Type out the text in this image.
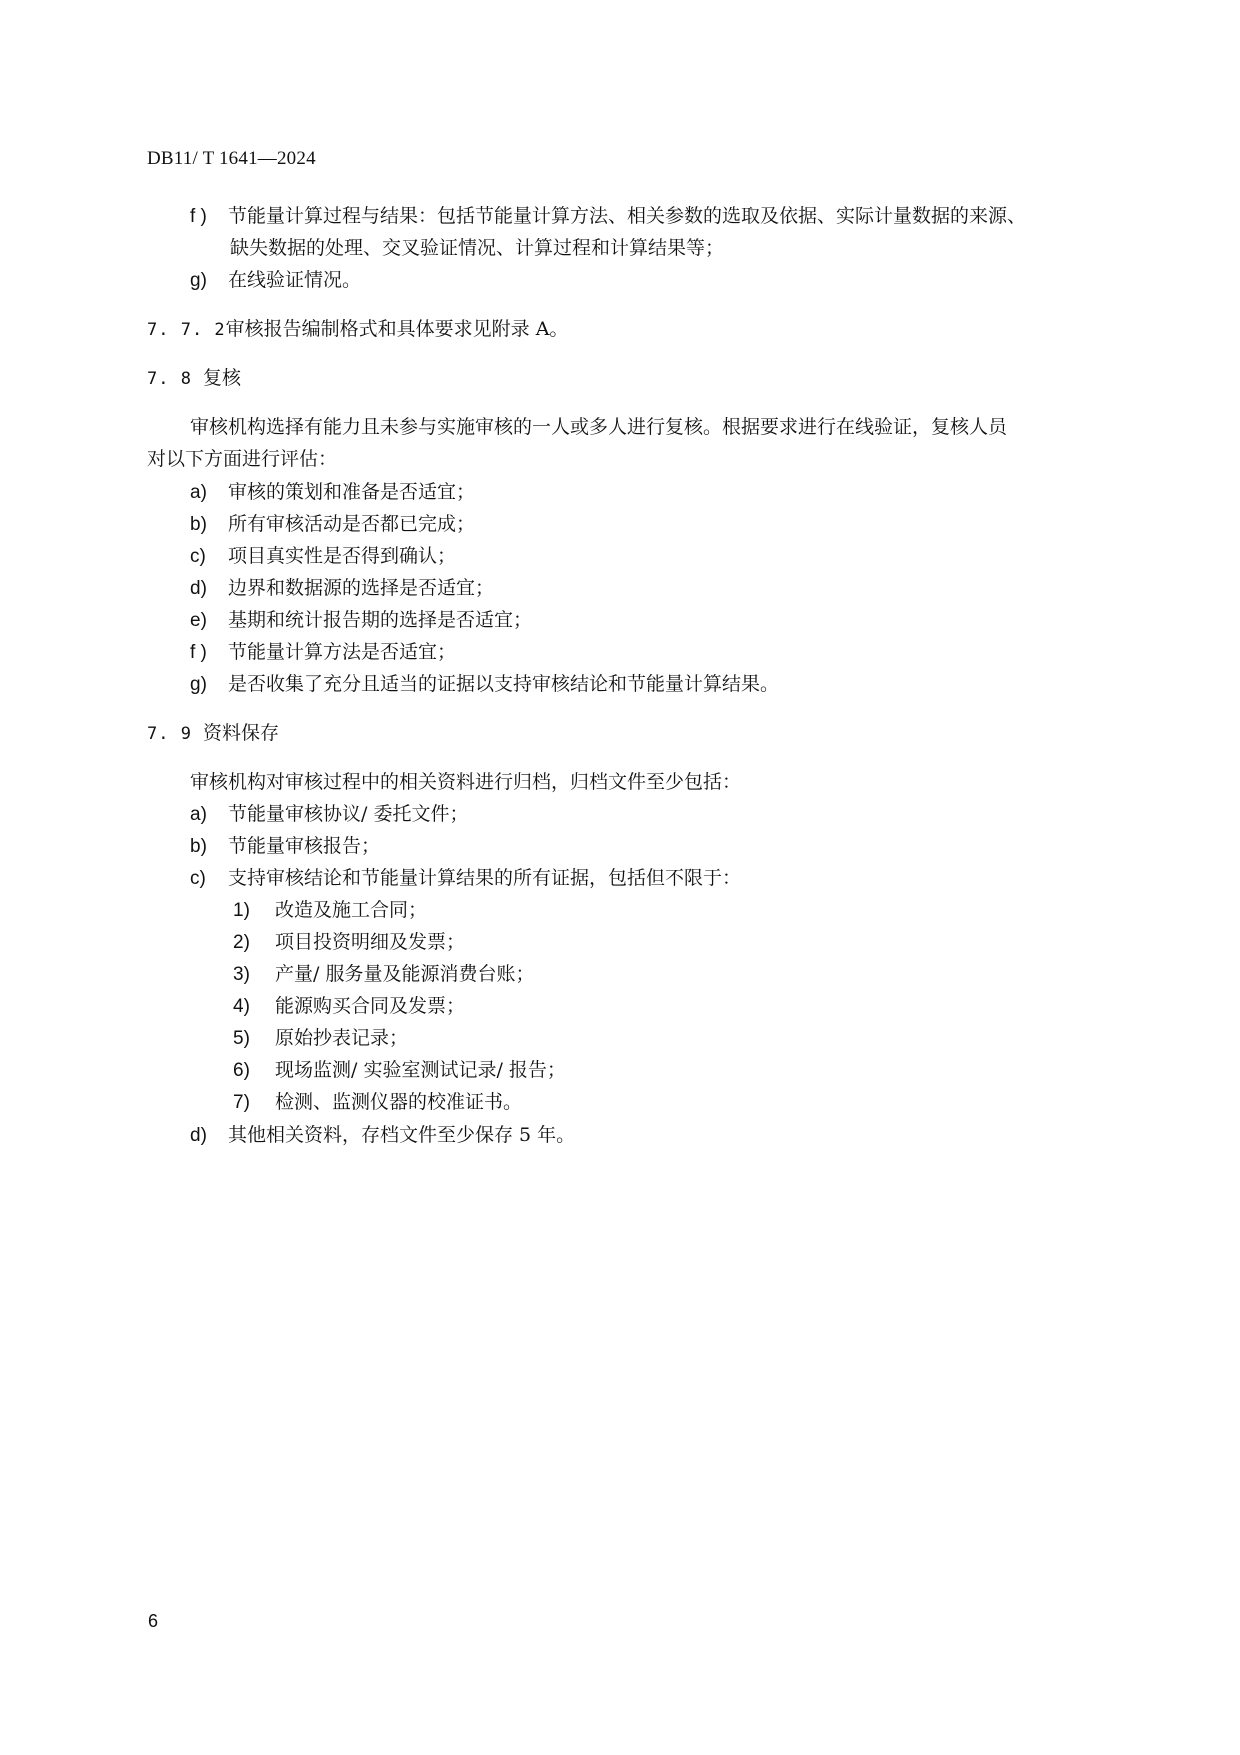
DB11/ T 1641—2024
f ) 节能量计算过程与结果：包括节能量计算方法、相关参数的选取及依据、实际计量数据的来源、
缺失数据的处理、交叉验证情况、计算过程和计算结果等；
g) 在线验证情况。
7. 7. 2审核报告编制格式和具体要求见附录 A。
7. 8 复核
审核机构选择有能力且未参与实施审核的一人或多人进行复核。根据要求进行在线验证，复核人员
对以下方面进行评估：
a) 审核的策划和准备是否适宜；
b) 所有审核活动是否都已完成；
c) 项目真实性是否得到确认；
d) 边界和数据源的选择是否适宜；
e) 基期和统计报告期的选择是否适宜；
f ) 节能量计算方法是否适宜；
g) 是否收集了充分且适当的证据以支持审核结论和节能量计算结果。
7. 9 资料保存
审核机构对审核过程中的相关资料进行归档，归档文件至少包括：
a) 节能量审核协议/ 委托文件；
b) 节能量审核报告；
c) 支持审核结论和节能量计算结果的所有证据，包括但不限于：
1) 改造及施工合同；
2) 项目投资明细及发票；
3) 产量/ 服务量及能源消费台账；
4) 能源购买合同及发票；
5) 原始抄表记录；
6) 现场监测/ 实验室测试记录/ 报告；
7) 检测、监测仪器的校准证书。
d) 其他相关资料，存档文件至少保存 5 年。
6
